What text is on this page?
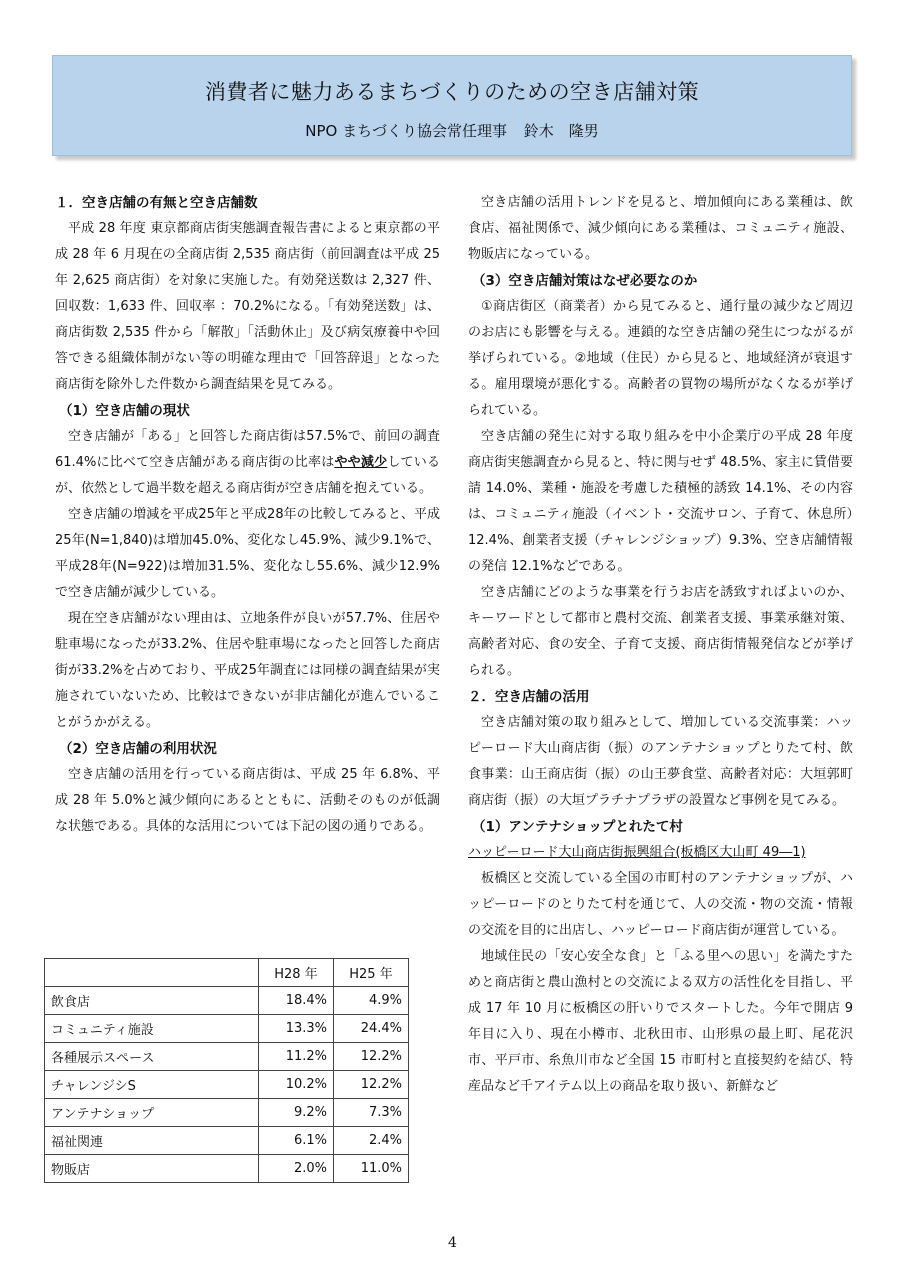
消費者に魅力あるまちづくりのための空き店舗対策
NPO まちづくり協会常任理事 鈴木　隆男
１．空き店舗の有無と空き店舗数

平成 28 年度 東京都商店街実態調査報告書によると東京都の平成 28 年 6 月現在の全商店街 2,535 商店街（前回調査は平成 25 年 2,625 商店街）を対象に実施した。有効発送数は 2,327 件、回収数：1,633 件、回収率 ：70.2%になる。「有効発送数」は、商店街数 2,535 件から「解散」「活動休止」及び病気療養中や回答できる組織体制がない等の明確な理由で「回答辞退」となった商店街を除外した件数から調査結果を見てみる。

（1）空き店舗の現状

空き店舗が「ある」と回答した商店街は57.5%で、前回の調査61.4%に比べて空き店舗がある商店街の比率はやや減少しているが、依然として過半数を超える商店街が空き店舗を抱えている。

空き店舗の増減を平成25年と平成28年の比較してみると、平成25年(N=1,840)は増加45.0%、変化なし45.9%、減少9.1%で、平成28年(N=922)は増加31.5%、変化なし55.6%、減少12.9%で空き店舗が減少している。

現在空き店舗がない理由は、立地条件が良いが57.7%、住居や駐車場になったが33.2%、住居や駐車場になったと回答した商店街が33.2%を占めており、平成25年調査には同様の調査結果が実施されていないため、比較はできないが非店舗化が進んでいることがうかがえる。

（2）空き店舗の利用状況

空き店舗の活用を行っている商店街は、平成 25 年 6.8%、平成 28 年 5.0%と減少傾向にあるとともに、活動そのものが低調な状態である。具体的な活用については下記の図の通りである。

	H28 年	H25 年
飲食店	18.4%	4.9%
コミュニティ施設	13.3%	24.4%
各種展示スペース	11.2%	12.2%
チャレンジシS	10.2%	12.2%
アンテナショップ	9.2%	7.3%
福祉関連	6.1%	2.4%
物販店	2.0%	11.0%

空き店舗の活用トレンドを見ると、増加傾向にある業種は、飲食店、福祉関係で、減少傾向にある業種は、コミュニティ施設、物販店になっている。

（3）空き店舗対策はなぜ必要なのか

①商店街区（商業者）から見てみると、通行量の減少など周辺のお店にも影響を与える。連鎖的な空き店舗の発生につながるが挙げられている。②地域（住民）から見ると、地域経済が衰退する。雇用環境が悪化する。高齢者の買物の場所がなくなるが挙げられている。

空き店舗の発生に対する取り組みを中小企業庁の平成 28 年度商店街実態調査から見ると、特に関与せず 48.5%、家主に賃借要請 14.0%、業種・施設を考慮した積極的誘致 14.1%、その内容は、コミュニティ施設（イベント・交流サロン、子育て、休息所）12.4%、創業者支援（チャレンジショップ）9.3%、空き店舗情報の発信 12.1%などである。

空き店舗にどのような事業を行うお店を誘致すればよいのか、キーワードとして都市と農村交流、創業者支援、事業承継対策、高齢者対応、食の安全、子育て支援、商店街情報発信などが挙げられる。

２．空き店舗の活用

空き店舗対策の取り組みとして、増加している交流事業：ハッピーロード大山商店街（振）のアンテナショップとりたて村、飲食事業：山王商店街（振）の山王夢食堂、高齢者対応：大垣郭町商店街（振）の大垣プラチナプラザの設置など事例を見てみる。

（1）アンテナショップとれたて村

ハッピーロード大山商店街振興組合(板橋区大山町 49―1)

板橋区と交流している全国の市町村のアンテナショップが、ハッピーロードのとりたて村を通じて、人の交流・物の交流・情報の交流を目的に出店し、ハッピーロード商店街が運営している。

地域住民の「安心安全な食」と「ふる里への思い」を満たすためと商店街と農山漁村との交流による双方の活性化を目指し、平成 17 年 10 月に板橋区の肝いりでスタートした。今年で開店 9 年目に入り、現在小樽市、北秋田市、山形県の最上町、尾花沢市、平戸市、糸魚川市など全国 15 市町村と直接契約を結び、特産品など千アイテム以上の商品を取り扱い、新鮮など

4
